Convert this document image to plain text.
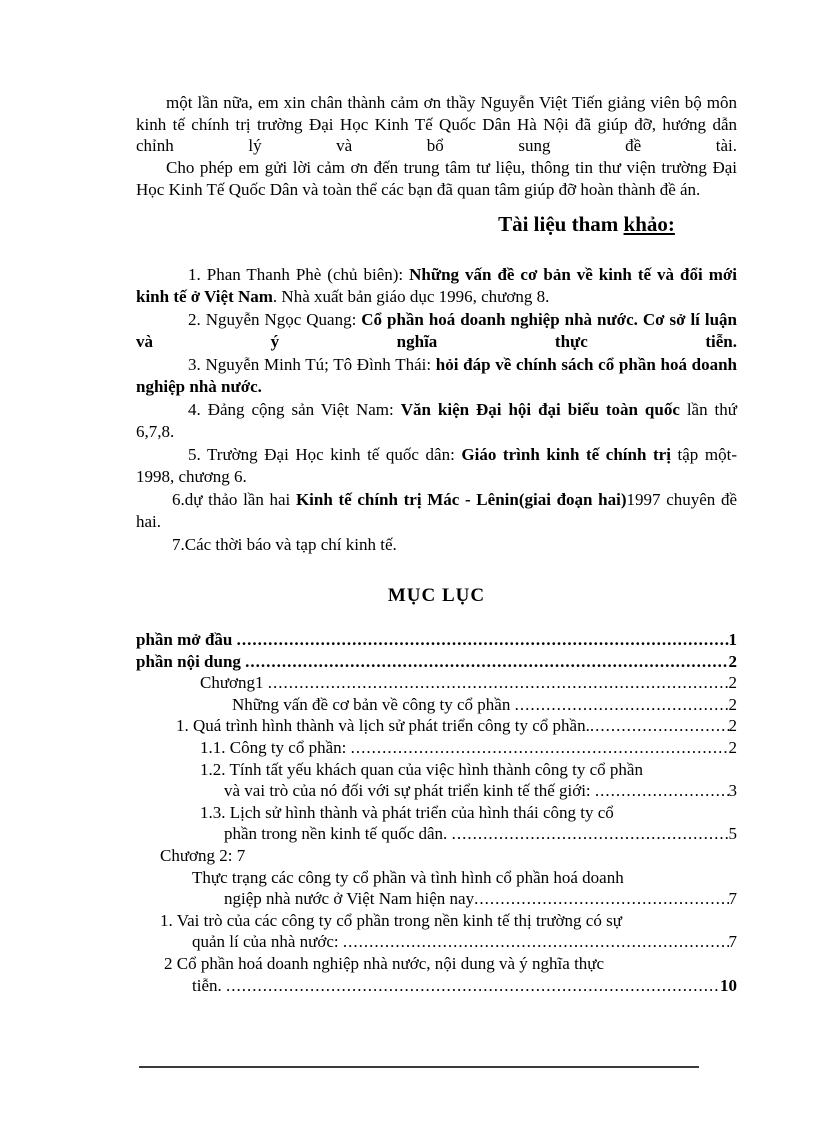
một lần nữa, em xin chân thành cảm ơn thầy Nguyễn Việt Tiến giảng viên bộ môn kinh tế chính trị trường Đại Học Kinh Tế Quốc Dân Hà Nội đã giúp đỡ, hướng dẫn chỉnh lý và bổ sung đề tài.

Cho phép em gửi lời cảm ơn đến trung tâm tư liệu, thông tin thư viện trường Đại Học Kinh Tế Quốc Dân và toàn thể các bạn đã quan tâm giúp đỡ hoàn thành đề án.

Tài liệu tham khảo:

1. Phan Thanh Phè (chủ biên): Những vấn đề cơ bản về kinh tế và đổi mới kinh tế ở Việt Nam. Nhà xuất bản giáo dục 1996, chương 8.

2. Nguyễn Ngọc Quang: Cổ phần hoá doanh nghiệp nhà nước. Cơ sở lí luận và ý nghĩa thực tiễn.

3. Nguyễn Minh Tú; Tô Đình Thái: hỏi đáp về chính sách cổ phần hoá doanh nghiệp nhà nước.

4. Đảng cộng sản Việt Nam: Văn kiện Đại hội đại biểu toàn quốc lần thứ 6,7,8.

5. Trường Đại Học kinh tế quốc dân: Giáo trình kinh tế chính trị tập một-1998, chương 6.

6.dự thảo lần hai Kinh tế chính trị Mác - Lênin(giai đoạn hai)1997 chuyên đề hai.

7.Các thời báo và tạp chí kinh tế.

MỤC LỤC
phần mở đầu .....	1
phần nội dung .....	2
Chương1 .....	2
Những vấn đề cơ bản về công ty cổ phần .....	2
1. Quá trình hình thành và lịch sử phát triển công ty cổ phần. .....	2
1.1. Công ty cổ phần: .....	2
1.2. Tính tất yếu khách quan của việc hình thành công ty cổ phần
và vai trò của nó đối với sự phát triển kinh tế thế giới: .....	3
1.3. Lịch sử hình thành và phát triển của hình thái công ty cổ
phần trong nền kinh tế quốc dân. .....	5
Chương 2: 7
Thực trạng các công ty cổ phần và tình hình cổ phần hoá doanh
ngiệp nhà nước ở Việt Nam hiện nay .....	7
1. Vai trò của các công ty cổ phần trong nền kinh tế thị trường có sự
quản lí của nhà nước: .....	7
2 Cổ phần hoá doanh nghiệp nhà nước, nội dung và ý nghĩa thực
tiễn. .....	10
